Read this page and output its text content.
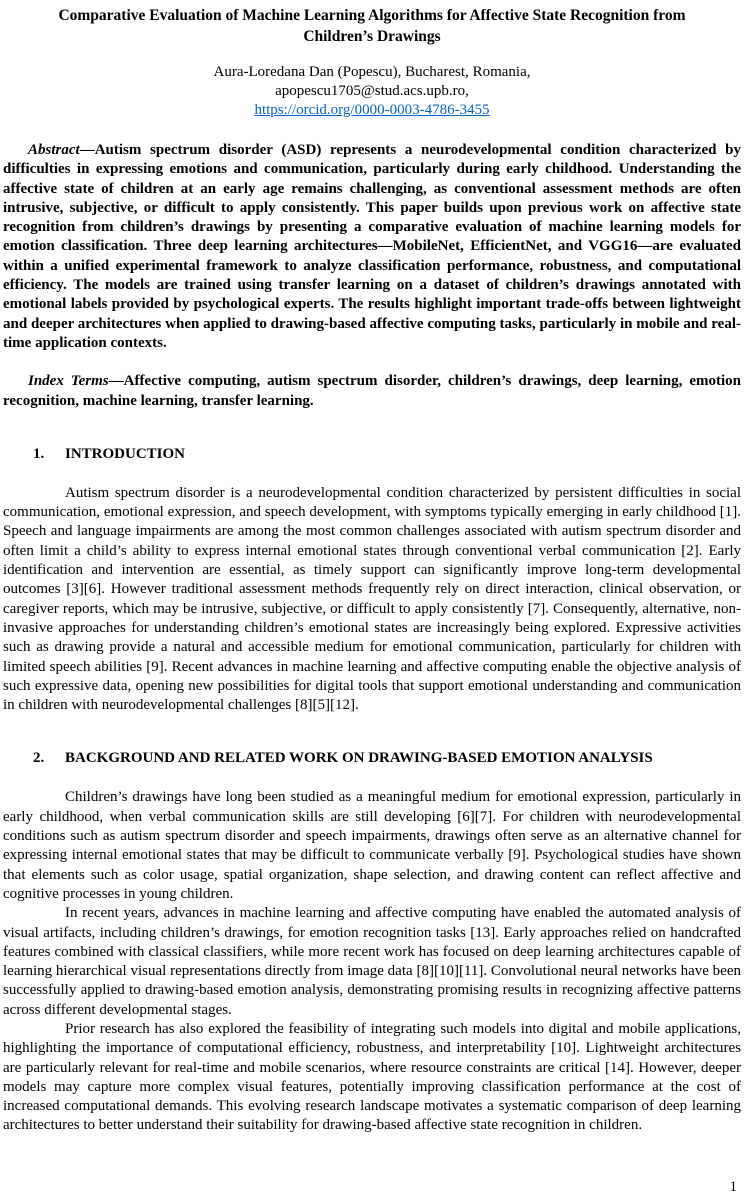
Comparative Evaluation of Machine Learning Algorithms for Affective State Recognition from Children’s Drawings
Aura-Loredana Dan (Popescu), Bucharest, Romania,
apopescu1705@stud.acs.upb.ro,
https://orcid.org/0000-0003-4786-3455

Abstract—Autism spectrum disorder (ASD) represents a neurodevelopmental condition characterized by difficulties in expressing emotions and communication, particularly during early childhood. Understanding the affective state of children at an early age remains challenging, as conventional assessment methods are often intrusive, subjective, or difficult to apply consistently. This paper builds upon previous work on affective state recognition from children’s drawings by presenting a comparative evaluation of machine learning models for emotion classification. Three deep learning architectures—MobileNet, EfficientNet, and VGG16—are evaluated within a unified experimental framework to analyze classification performance, robustness, and computational efficiency. The models are trained using transfer learning on a dataset of children’s drawings annotated with emotional labels provided by psychological experts. The results highlight important trade-offs between lightweight and deeper architectures when applied to drawing-based affective computing tasks, particularly in mobile and real-time application contexts.

Index Terms—Affective computing, autism spectrum disorder, children’s drawings, deep learning, emotion recognition, machine learning, transfer learning.

1. INTRODUCTION

Autism spectrum disorder is a neurodevelopmental condition characterized by persistent difficulties in social communication, emotional expression, and speech development, with symptoms typically emerging in early childhood [1]. Speech and language impairments are among the most common challenges associated with autism spectrum disorder and often limit a child’s ability to express internal emotional states through conventional verbal communication [2]. Early identification and intervention are essential, as timely support can significantly improve long-term developmental outcomes [3][6]. However traditional assessment methods frequently rely on direct interaction, clinical observation, or caregiver reports, which may be intrusive, subjective, or difficult to apply consistently [7]. Consequently, alternative, non-invasive approaches for understanding children’s emotional states are increasingly being explored. Expressive activities such as drawing provide a natural and accessible medium for emotional communication, particularly for children with limited speech abilities [9]. Recent advances in machine learning and affective computing enable the objective analysis of such expressive data, opening new possibilities for digital tools that support emotional understanding and communication in children with neurodevelopmental challenges [8][5][12].

2. BACKGROUND AND RELATED WORK ON DRAWING-BASED EMOTION ANALYSIS

Children’s drawings have long been studied as a meaningful medium for emotional expression, particularly in early childhood, when verbal communication skills are still developing [6][7]. For children with neurodevelopmental conditions such as autism spectrum disorder and speech impairments, drawings often serve as an alternative channel for expressing internal emotional states that may be difficult to communicate verbally [9]. Psychological studies have shown that elements such as color usage, spatial organization, shape selection, and drawing content can reflect affective and cognitive processes in young children.

In recent years, advances in machine learning and affective computing have enabled the automated analysis of visual artifacts, including children’s drawings, for emotion recognition tasks [13]. Early approaches relied on handcrafted features combined with classical classifiers, while more recent work has focused on deep learning architectures capable of learning hierarchical visual representations directly from image data [8][10][11]. Convolutional neural networks have been successfully applied to drawing-based emotion analysis, demonstrating promising results in recognizing affective patterns across different developmental stages.

Prior research has also explored the feasibility of integrating such models into digital and mobile applications, highlighting the importance of computational efficiency, robustness, and interpretability [10]. Lightweight architectures are particularly relevant for real-time and mobile scenarios, where resource constraints are critical [14]. However, deeper models may capture more complex visual features, potentially improving classification performance at the cost of increased computational demands. This evolving research landscape motivates a systematic comparison of deep learning architectures to better understand their suitability for drawing-based affective state recognition in children.

1
